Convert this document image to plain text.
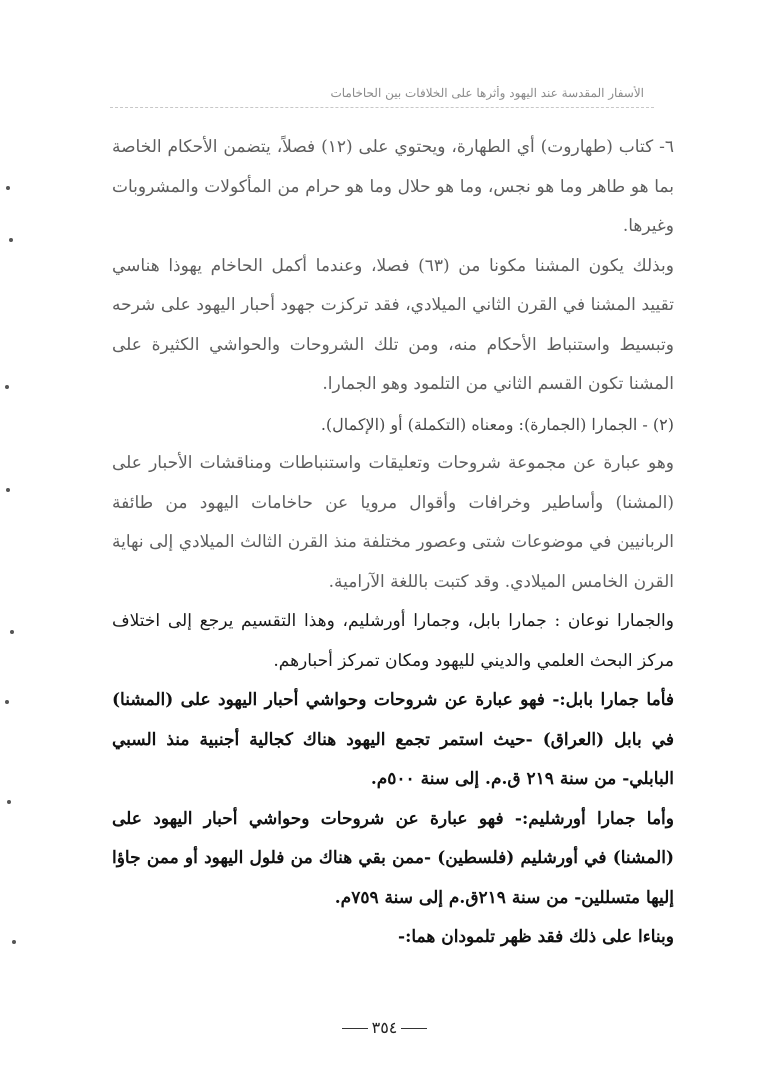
الأسفار المقدسة عند اليهود وأثرها على الخلافات بين الحاخامات

٦- كتاب (طهاروت) أي الطهارة، ويحتوي على (١٢) فصلاً، يتضمن الأحكام الخاصة بما هو طاهر وما هو نجس، وما هو حلال وما هو حرام من المأكولات والمشروبات وغيرها.

وبذلك يكون المشنا مكونا من (٦٣) فصلا، وعندما أكمل الحاخام يهوذا هناسي تقييد المشنا في القرن الثاني الميلادي، فقد تركزت جهود أحبار اليهود على شرحه وتبسيط واستنباط الأحكام منه، ومن تلك الشروحات والحواشي الكثيرة على المشنا تكون القسم الثاني من التلمود وهو الجمارا.

(٢) - الجمارا (الجمارة): ومعناه (التكملة) أو (الإكمال).

وهو عبارة عن مجموعة شروحات وتعليقات واستنباطات ومناقشات الأحبار على (المشنا) وأساطير وخرافات وأقوال مرويا عن حاخامات اليهود من طائفة الربانيين في موضوعات شتى وعصور مختلفة منذ القرن الثالث الميلادي إلى نهاية القرن الخامس الميلادي. وقد كتبت باللغة الآرامية.

والجمارا نوعان : جمارا بابل، وجمارا أورشليم، وهذا التقسيم يرجع إلى اختلاف مركز البحث العلمي والديني لليهود ومكان تمركز أحبارهم.

فأما جمارا بابل:- فهو عبارة عن شروحات وحواشي أحبار اليهود على (المشنا) في بابل (العراق) -حيث استمر تجمع اليهود هناك كجالية أجنبية منذ السبي البابلي- من سنة ٢١٩ ق.م. إلى سنة ٥٠٠م.

وأما جمارا أورشليم:- فهو عبارة عن شروحات وحواشي أحبار اليهود على (المشنا) في أورشليم (فلسطين) -ممن بقي هناك من فلول اليهود أو ممن جاؤا إليها متسللين- من سنة ٢١٩ق.م إلى سنة ٧٥٩م.

وبناءا على ذلك فقد ظهر تلمودان هما:-

٣٥٤
